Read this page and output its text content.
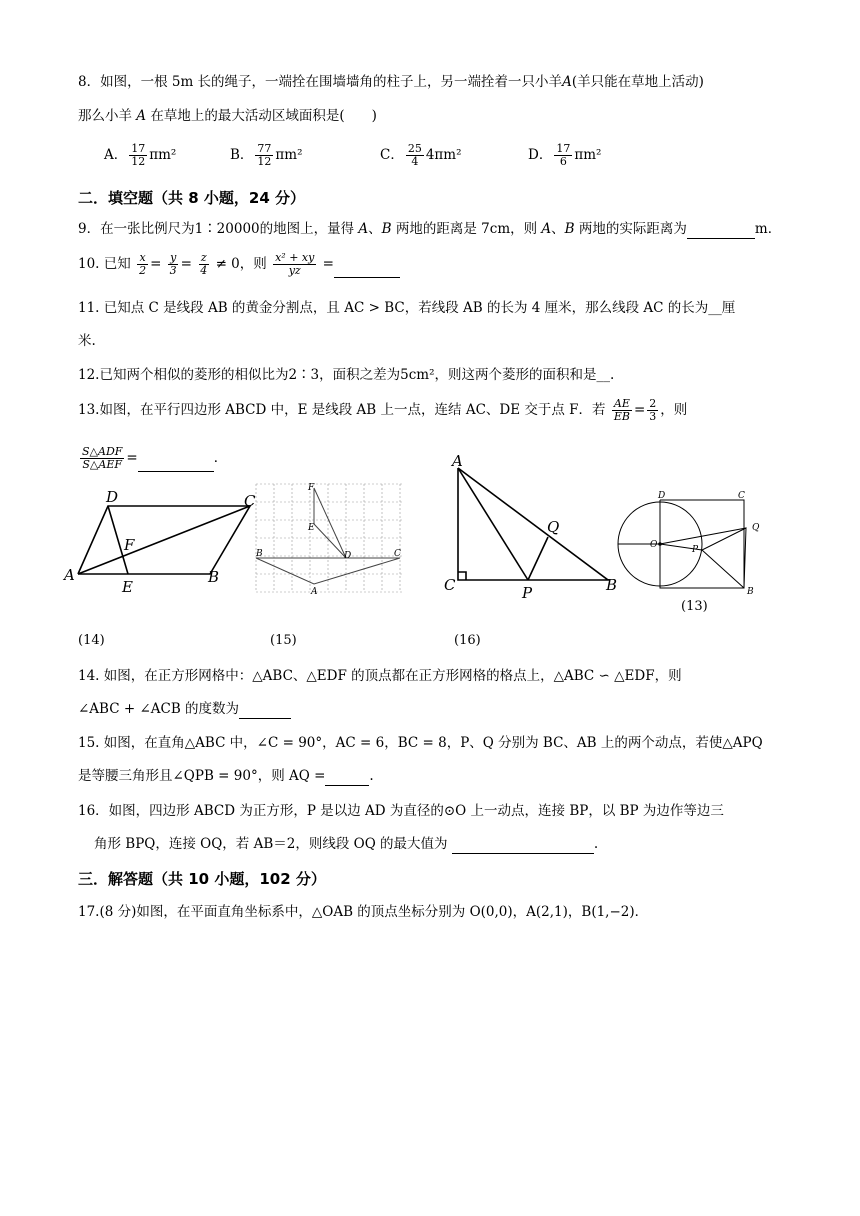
8．如图，一根 5m 长的绳子，一端拴在围墙墙角的柱子上，另一端拴着一只小羊A(羊只能在草地上活动)
那么小羊 A 在草地上的最大活动区域面积是(　　)
A． $\frac{17}{12} \pi m^2$	B． $\frac{77}{12} \pi m^2$	C． $\frac{25}{4} 4\pi m^2$	D． $\frac{17}{6} \pi m^2$
二．填空题（共 8 小题，24 分）
9．在一张比例尺为1∶20000的地图上，量得 A、B 两地的距离是 7cm，则 A、B 两地的实际距离为	m．
10. 已知 $\frac{x}{2} = \frac{y}{3} = \frac{z}{4} \ne 0$，则 $\frac{\text{x² + xy}}{yz}$ =
11. 已知点 C 是线段 AB 的黄金分割点，且 AC > BC，若线段 AB 的长为 4 厘米，那么线段 AC 的长为__厘
米.
12.已知两个相似的菱形的相似比为2∶3，面积之差为5cm²，则这两个菱形的面积和是__.
13.如图，在平行四边形 ABCD 中，E 是线段 AB 上一点，连结 AC、DE 交于点 F．若 $\frac{AE}{EB} = \frac{2}{3}$ ，则
$\frac{\text{S△ADF}}{\text{S△AEF}}$ =	．
D	C
F
A
E
B
F
E
B	D	C
A
A
Q
C	P	B
D	C
O	P
Q
B
(13)
(14)	(15)	(16)
14. 如图，在正方形网格中：△ABC、△EDF 的顶点都在正方形网格的格点上，△ABC ∽ △EDF，则
∠ABC + ∠ACB 的度数为
15. 如图，在直角△ABC 中，∠C = 90°，AC = 6，BC = 8，P、Q 分别为 BC、AB 上的两个动点，若使△APQ
是等腰三角形且∠QPB = 90°，则 AQ =	.
16．如图，四边形 ABCD 为正方形，P 是以边 AD 为直径的⊙O 上一动点，连接 BP，以 BP 为边作等边三
角形 BPQ，连接 OQ，若 AB＝2，则线段 OQ 的最大值为	.
三．解答题（共 10 小题，102 分）
17.(8 分)如图，在平面直角坐标系中，△OAB 的顶点坐标分别为 O(0,0)，A(2,1)，B(1,−2)．
